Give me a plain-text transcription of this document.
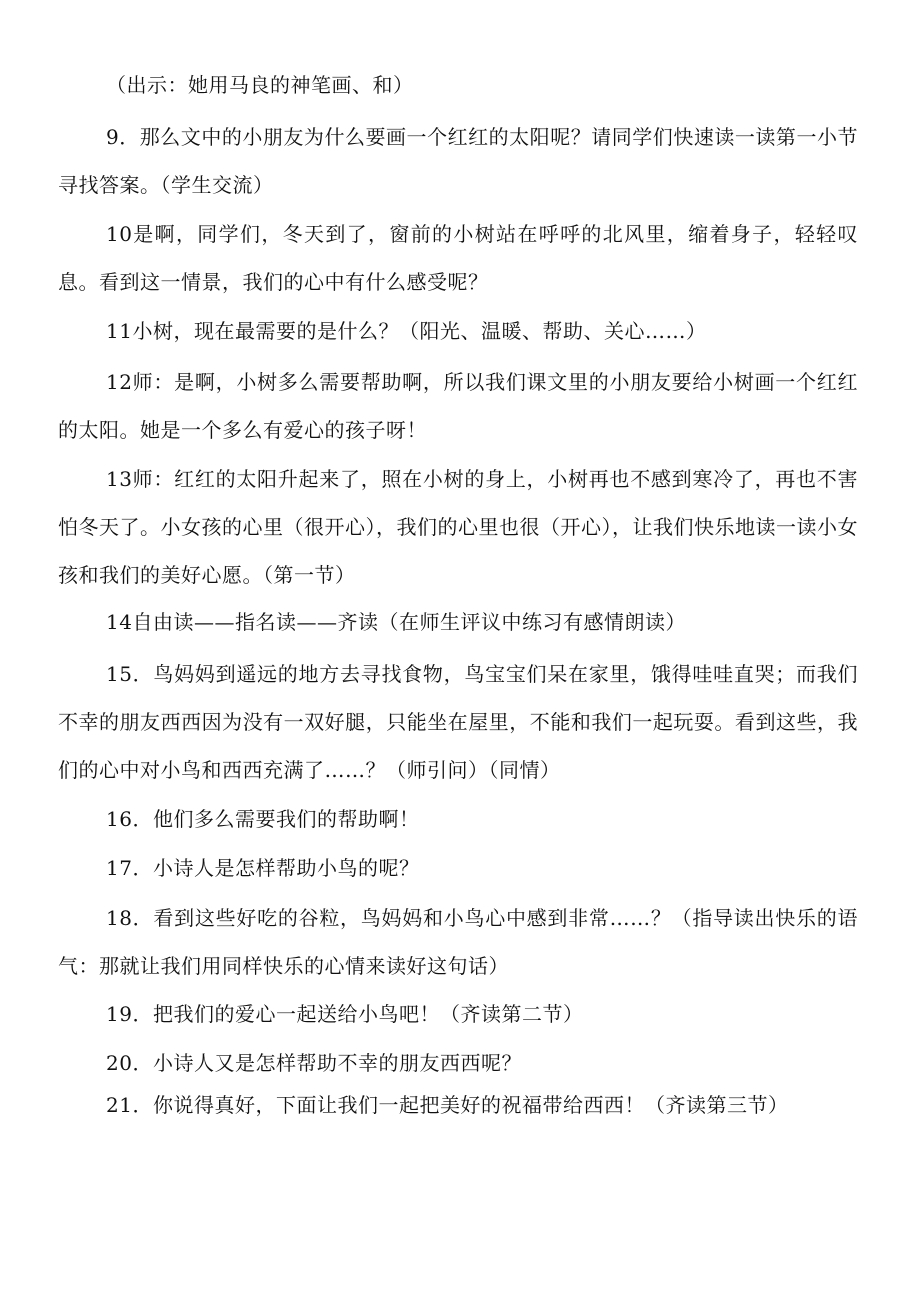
（出示：她用马良的神笔画、和）

9．那么文中的小朋友为什么要画一个红红的太阳呢？请同学们快速读一读第一小节寻找答案。（学生交流）

10是啊，同学们，冬天到了，窗前的小树站在呼呼的北风里，缩着身子，轻轻叹息。看到这一情景，我们的心中有什么感受呢？

11小树，现在最需要的是什么？（阳光、温暖、帮助、关心……）

12师：是啊，小树多么需要帮助啊，所以我们课文里的小朋友要给小树画一个红红的太阳。她是一个多么有爱心的孩子呀！

13师：红红的太阳升起来了，照在小树的身上，小树再也不感到寒冷了，再也不害怕冬天了。小女孩的心里（很开心），我们的心里也很（开心），让我们快乐地读一读小女孩和我们的美好心愿。（第一节）

14自由读——指名读——齐读（在师生评议中练习有感情朗读）

15．鸟妈妈到遥远的地方去寻找食物，鸟宝宝们呆在家里，饿得哇哇直哭；而我们不幸的朋友西西因为没有一双好腿，只能坐在屋里，不能和我们一起玩耍。看到这些，我们的心中对小鸟和西西充满了……？（师引问）（同情）

16．他们多么需要我们的帮助啊！

17．小诗人是怎样帮助小鸟的呢？

18．看到这些好吃的谷粒，鸟妈妈和小鸟心中感到非常……？（指导读出快乐的语气：那就让我们用同样快乐的心情来读好这句话）

19．把我们的爱心一起送给小鸟吧！（齐读第二节）

20．小诗人又是怎样帮助不幸的朋友西西呢？

21．你说得真好，下面让我们一起把美好的祝福带给西西！（齐读第三节）
